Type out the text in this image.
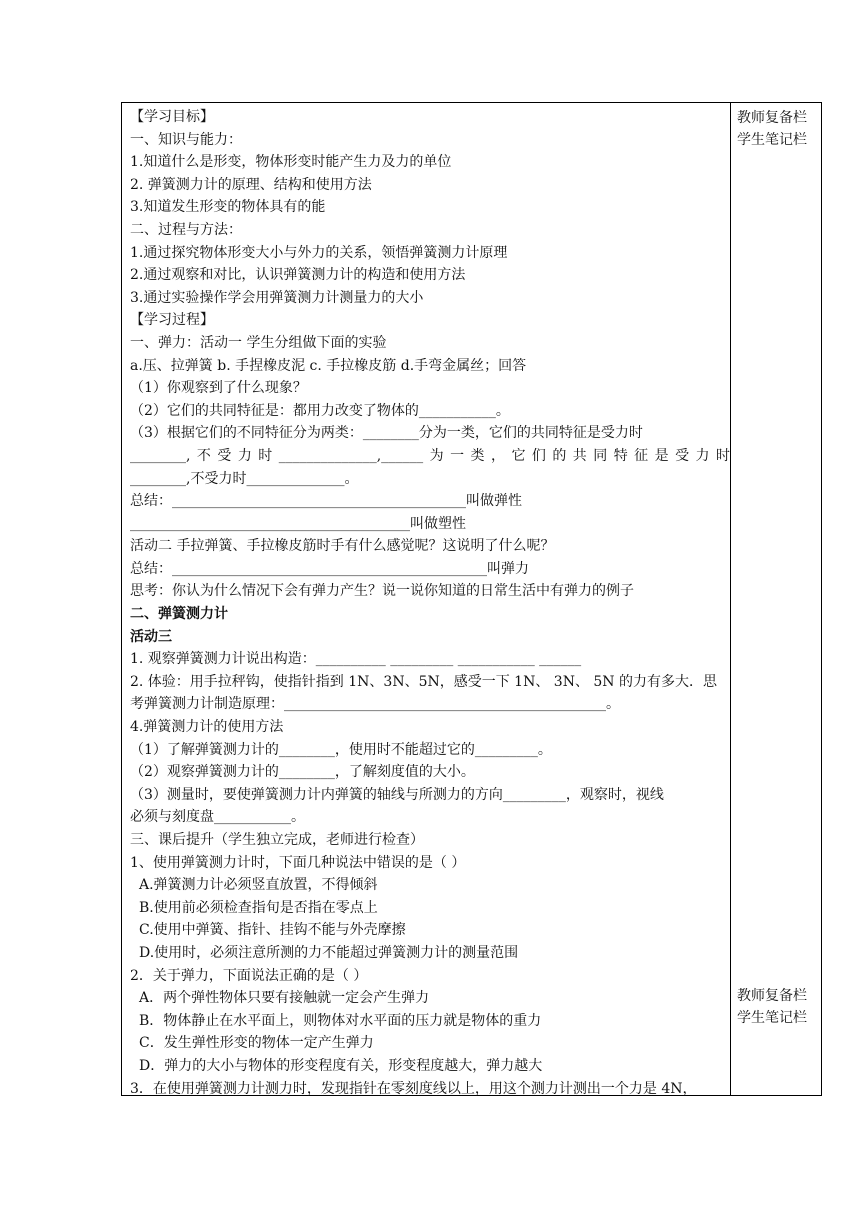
【学习目标】
一、知识与能力：
1.知道什么是形变，物体形变时能产生力及力的单位
2. 弹簧测力计的原理、结构和使用方法
3.知道发生形变的物体具有的能
二、过程与方法：
1.通过探究物体形变大小与外力的关系，领悟弹簧测力计原理
2.通过观察和对比，认识弹簧测力计的构造和使用方法
3.通过实验操作学会用弹簧测力计测量力的大小
【学习过程】
一、弹力：活动一 学生分组做下面的实验
a.压、拉弹簧 b. 手捏橡皮泥 c. 手拉橡皮筋 d.手弯金属丝；回答
（1）你观察到了什么现象？
（2）它们的共同特征是：都用力改变了物体的___________。
（3）根据它们的不同特征分为两类：________分为一类，它们的共同特征是受力时
________,不受力时______________,______为一类，它们的共同特征是受力时
________,不受力时______________。
总结：__________________________________________叫做弹性
________________________________________叫做塑性
活动二 手拉弹簧、手拉橡皮筋时手有什么感觉呢？这说明了什么呢？
总结：_____________________________________________叫弹力
思考：你认为什么情况下会有弹力产生？说一说你知道的日常生活中有弹力的例子
二、弹簧测力计
活动三
1. 观察弹簧测力计说出构造：__________ _________ ___________ ______
2. 体验：用手拉秤钩，使指针指到 1N、3N、5N，感受一下 1N、 3N、 5N 的力有多大．思
考弹簧测力计制造原理：______________________________________________。
4.弹簧测力计的使用方法
（1）了解弹簧测力计的________，使用时不能超过它的_________。
（2）观察弹簧测力计的________，了解刻度值的大小。
（3）测量时，要使弹簧测力计内弹簧的轴线与所测力的方向_________，观察时，视线
必须与刻度盘___________。
三、课后提升（学生独立完成，老师进行检查）
1、使用弹簧测力计时，下面几种说法中错误的是（ ）
A.弹簧测力计必须竖直放置，不得倾斜
B.使用前必须检查指旬是否指在零点上
C.使用中弹簧、指针、挂钩不能与外壳摩擦
D.使用时，必须注意所测的力不能超过弹簧测力计的测量范围
2．关于弹力，下面说法正确的是（ ）
A．两个弹性物体只要有接触就一定会产生弹力
B．物体静止在水平面上，则物体对水平面的压力就是物体的重力
C．发生弹性形变的物体一定产生弹力
D．弹力的大小与物体的形变程度有关，形变程度越大，弹力越大
3．在使用弹簧测力计测力时，发现指针在零刻度线以上，用这个测力计测出一个力是 4N，
教师复备栏
学生笔记栏
教师复备栏
学生笔记栏
